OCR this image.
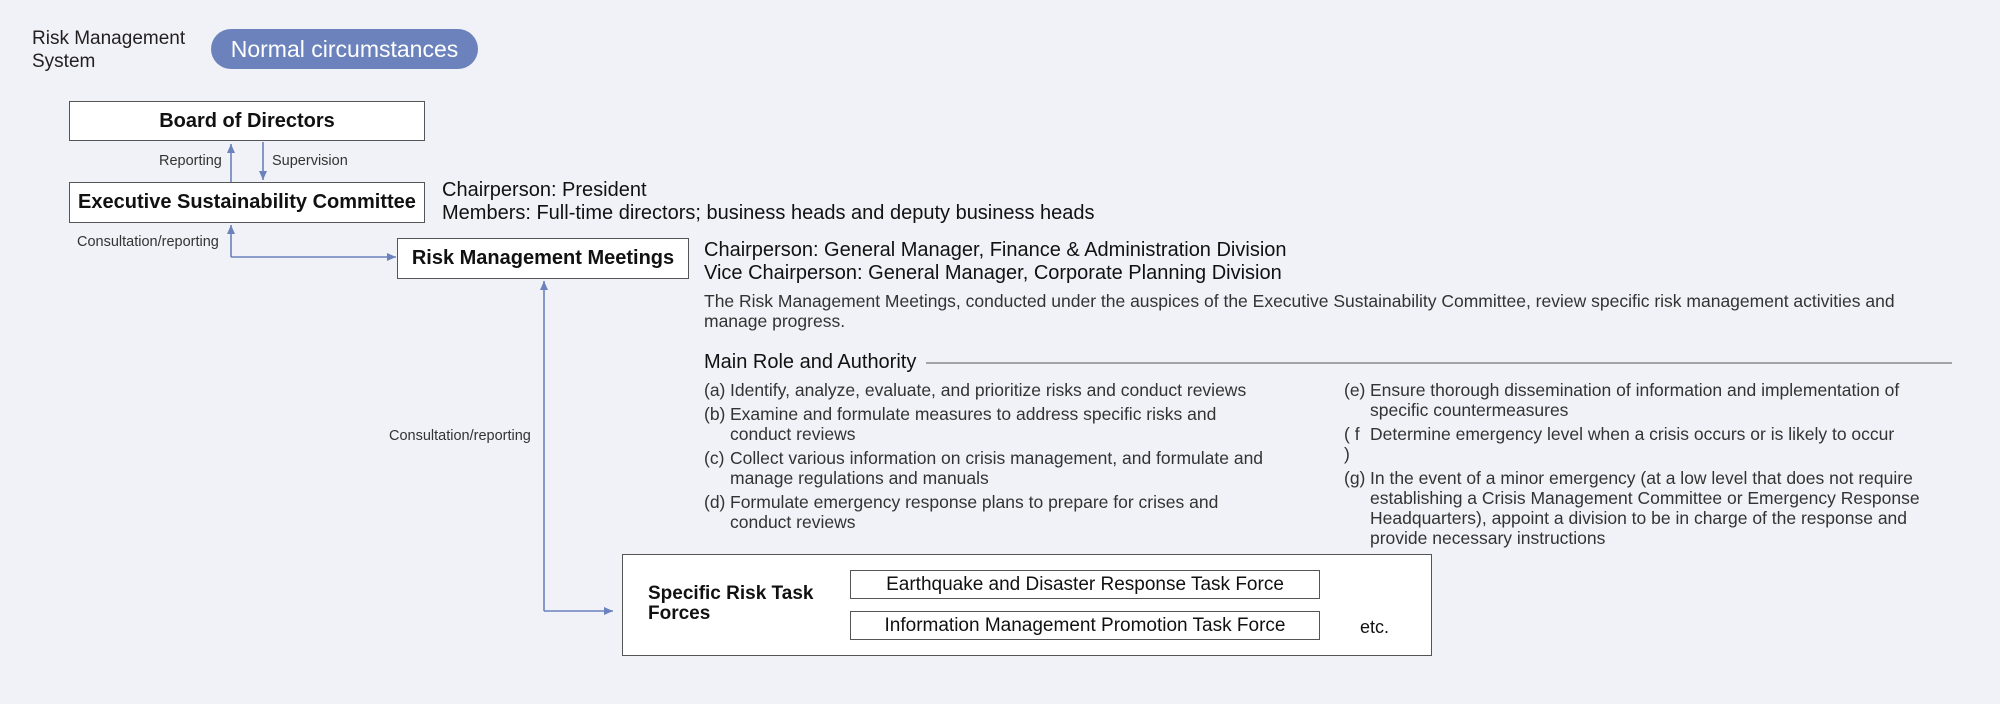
Risk Management System	Normal circumstances
Board of Directors
Executive Sustainability Committee
Risk Management Meetings
Reporting	Supervision
Consultation/reporting
Consultation/reporting
Chairperson: President
Members: Full-time directors; business heads and deputy business heads
Chairperson: General Manager, Finance & Administration Division
Vice Chairperson: General Manager, Corporate Planning Division
The Risk Management Meetings, conducted under the auspices of the Executive Sustainability Committee, review specific risk management activities and manage progress.
Main Role and Authority
(a) Identify, analyze, evaluate, and prioritize risks and conduct reviews
(b) Examine and formulate measures to address specific risks and conduct reviews
(c) Collect various information on crisis management, and formulate and manage regulations and manuals
(d) Formulate emergency response plans to prepare for crises and conduct reviews
(e) Ensure thorough dissemination of information and implementation of specific countermeasures
( f )
Determine emergency level when a crisis occurs or is likely to occur
(g) In the event of a minor emergency (at a low level that does not require establishing a Crisis Management Committee or Emergency Response Headquarters), appoint a division to be in charge of the response and provide necessary instructions
Specific Risk Task Forces
Earthquake and Disaster Response Task Force
Information Management Promotion Task Force	etc.
